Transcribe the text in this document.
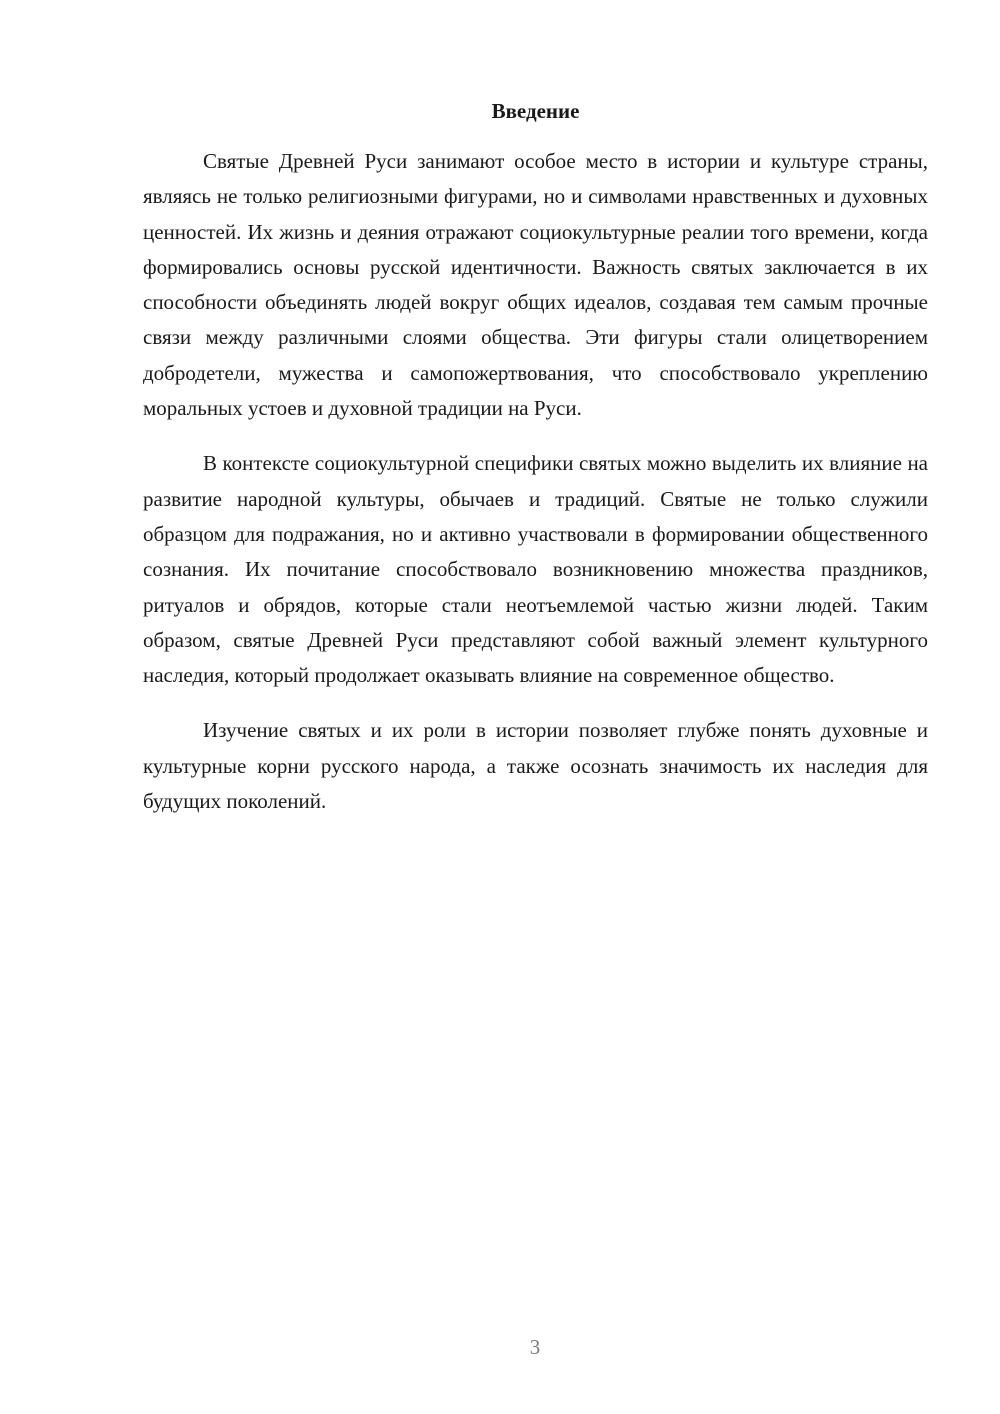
Введение

Святые Древней Руси занимают особое место в истории и культуре страны, являясь не только религиозными фигурами, но и символами нравственных и духовных ценностей. Их жизнь и деяния отражают социокультурные реалии того времени, когда формировались основы русской идентичности. Важность святых заключается в их способности объединять людей вокруг общих идеалов, создавая тем самым прочные связи между различными слоями общества. Эти фигуры стали олицетворением добродетели, мужества и самопожертвования, что способствовало укреплению моральных устоев и духовной традиции на Руси.

В контексте социокультурной специфики святых можно выделить их влияние на развитие народной культуры, обычаев и традиций. Святые не только служили образцом для подражания, но и активно участвовали в формировании общественного сознания. Их почитание способствовало возникновению множества праздников, ритуалов и обрядов, которые стали неотъемлемой частью жизни людей. Таким образом, святые Древней Руси представляют собой важный элемент культурного наследия, который продолжает оказывать влияние на современное общество.

Изучение святых и их роли в истории позволяет глубже понять духовные и культурные корни русского народа, а также осознать значимость их наследия для будущих поколений.

3
